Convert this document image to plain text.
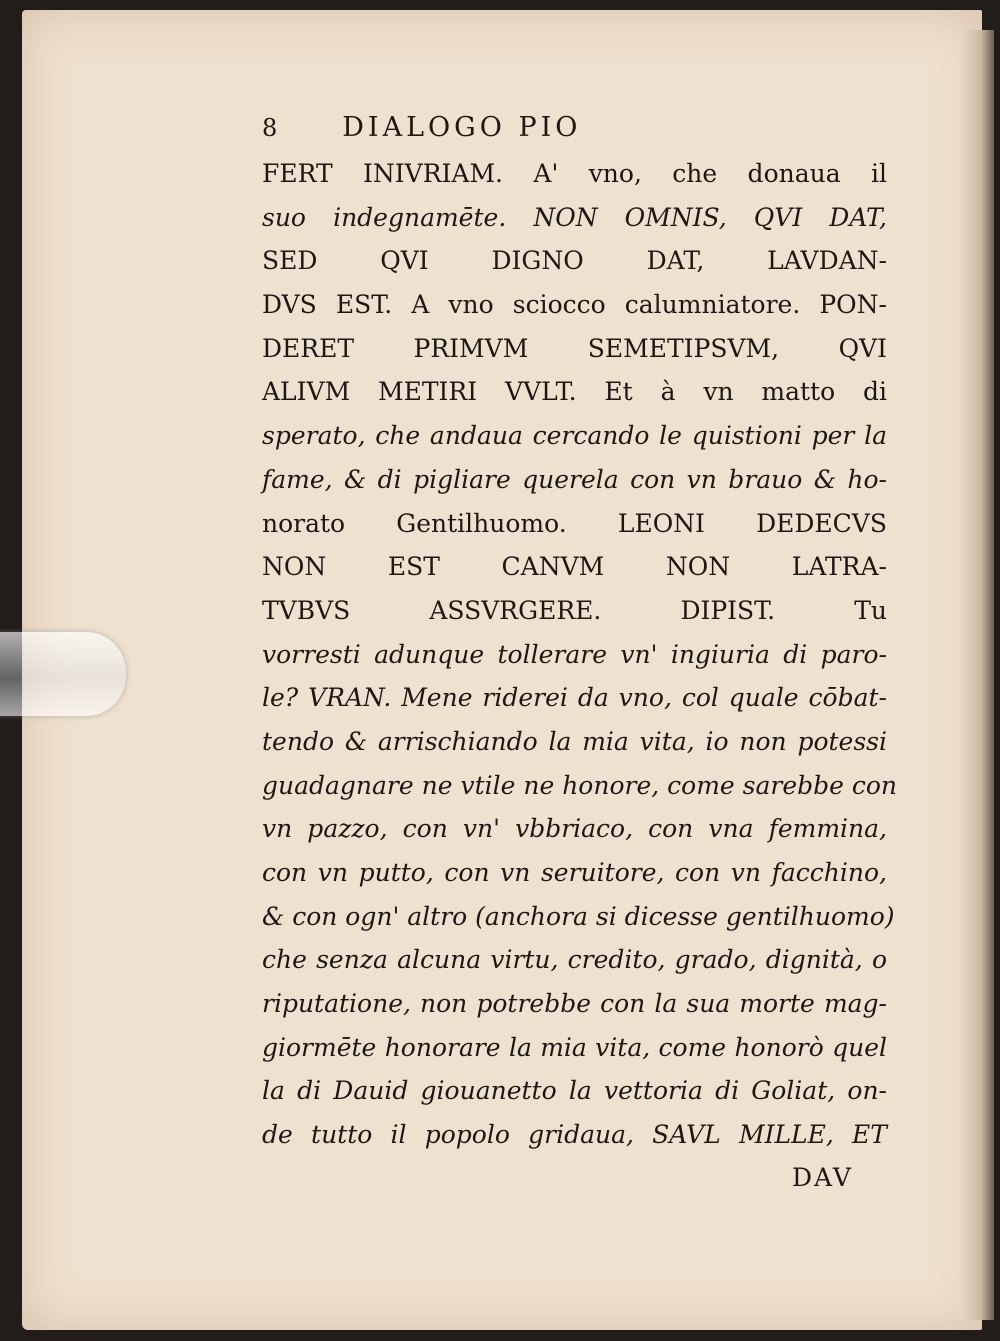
8 DIALOGO PIO

FERT INIVRIAM. A' vno, che donaua il

suo indegnamēte. NON OMNIS, QVI DAT,

SED QVI DIGNO DAT, LAVDAN-

DVS EST. A vno sciocco calumniatore. PON-

DERET PRIMVM SEMETIPSVM, QVI

ALIVM METIRI VVLT. Et à vn matto di

sperato, che andaua cercando le quistioni per la

fame, & di pigliare querela con vn brauo & ho-

norato Gentilhuomo. LEONI DEDECVS

NON EST CANVM NON LATRA-

TVBVS ASSVRGERE. DIPIST. Tu

vorresti adunque tollerare vn' ingiuria di paro-

le? VRAN. Mene riderei da vno, col quale cōbat-

tendo & arrischiando la mia vita, io non potessi

guadagnare ne vtile ne honore, come sarebbe con

vn pazzo, con vn' vbbriaco, con vna femmina,

con vn putto, con vn seruitore, con vn facchino,

& con ogn' altro (anchora si dicesse gentilhuomo)

che senza alcuna virtu, credito, grado, dignità, o

riputatione, non potrebbe con la sua morte mag-

giormēte honorare la mia vita, come honorò quel

la di Dauid giouanetto la vettoria di Goliat, on-

de tutto il popolo gridaua, SAVL MILLE, ET

DAV
